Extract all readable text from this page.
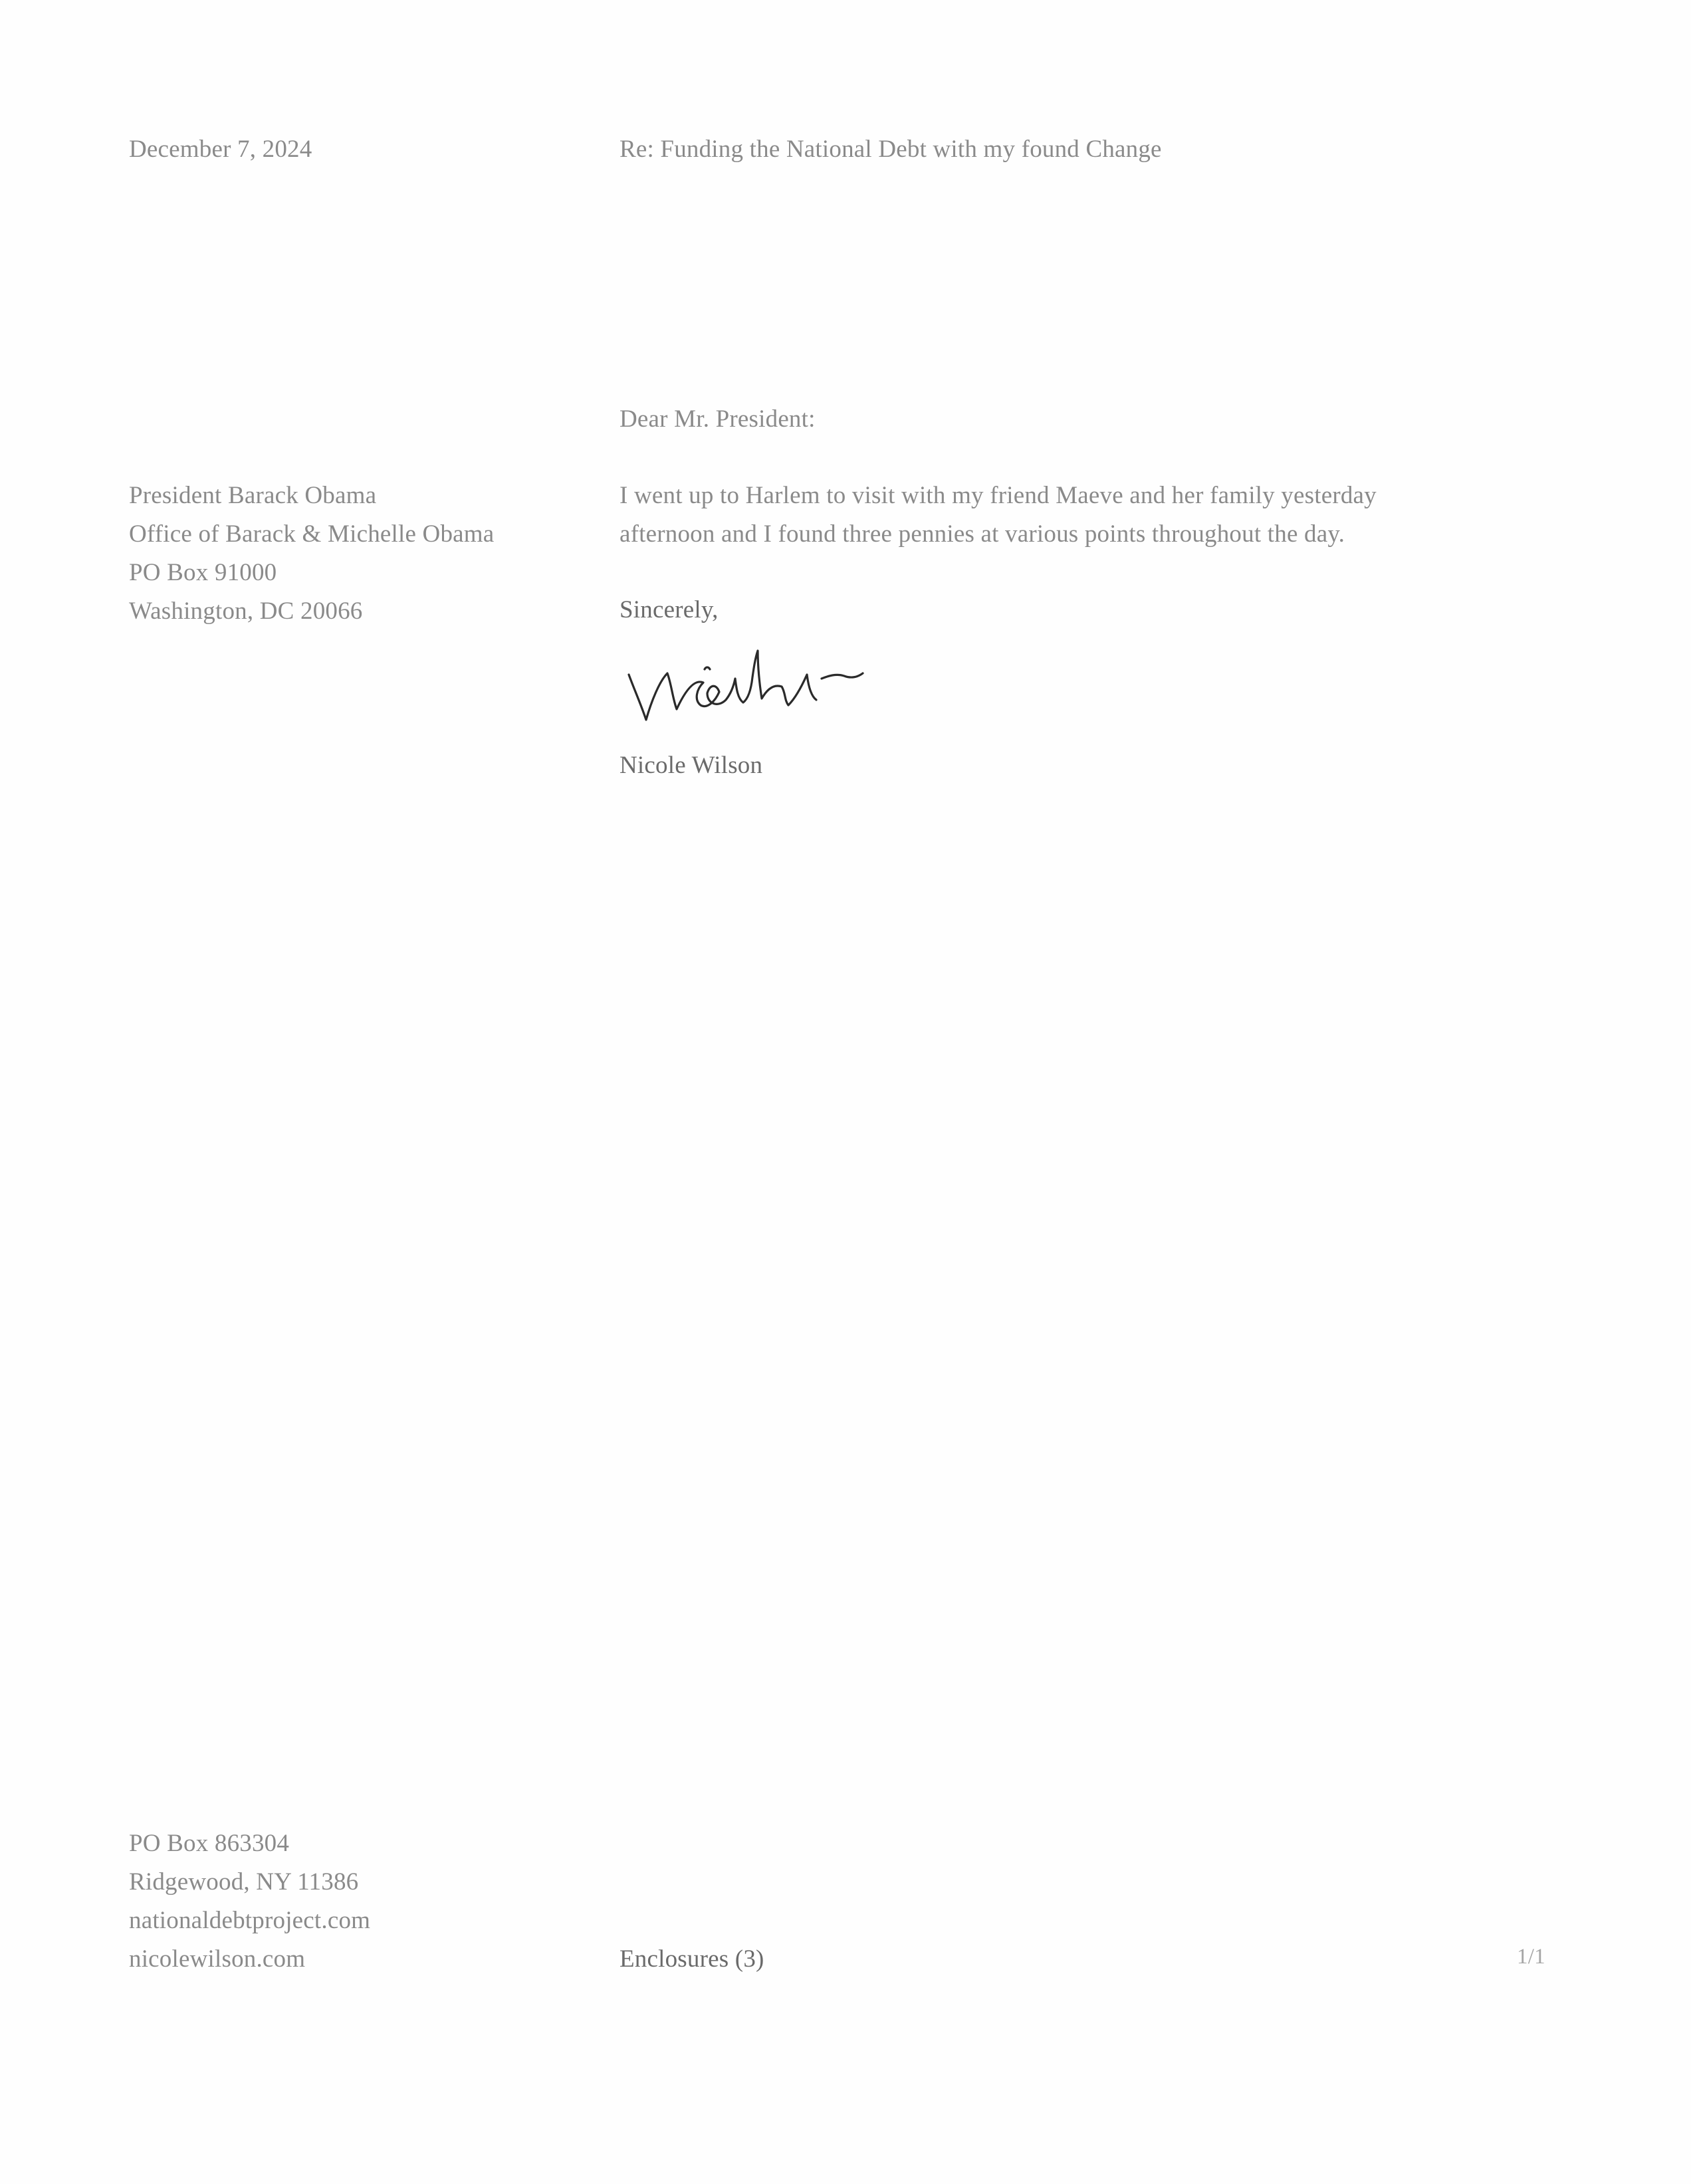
December 7, 2024	Re: Funding the National Debt with my found Change
Dear Mr. President:
President Barack Obama
Office of Barack & Michelle Obama
PO Box 91000
Washington, DC 20066
I went up to Harlem to visit with my friend Maeve and her family yesterday
afternoon and I found three pennies at various points throughout the day.
Sincerely,
Nicole Wilson
PO Box 863304
Ridgewood, NY 11386
nationaldebtproject.com
nicolewilson.com	Enclosures (3)	1/1
